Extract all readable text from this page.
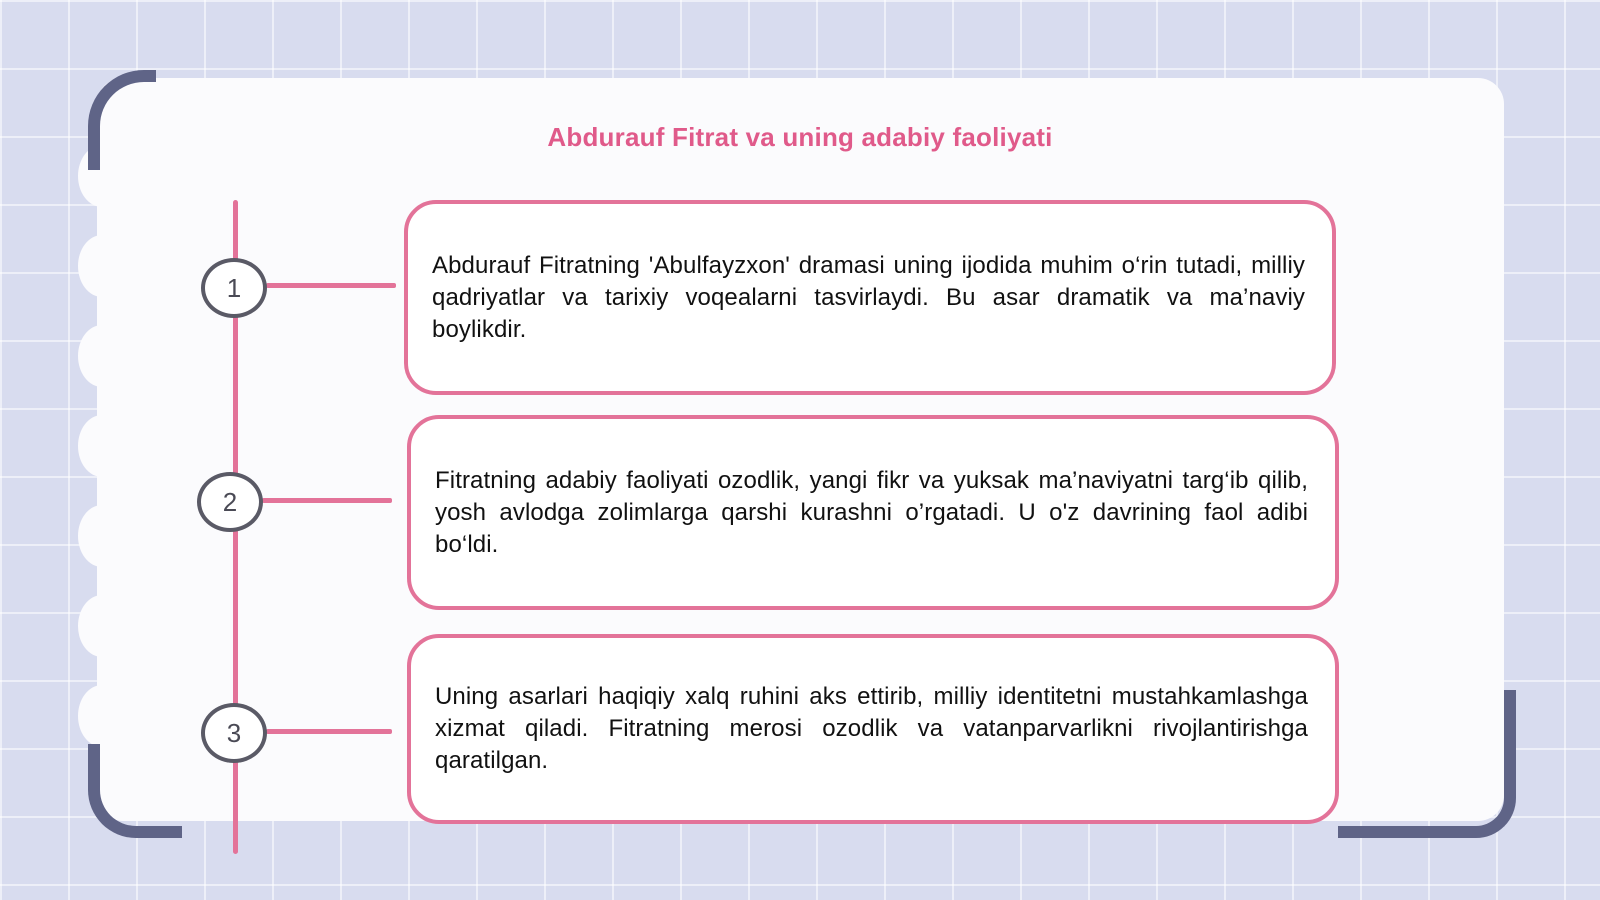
Abdurauf Fitrat va uning adabiy faoliyati
1
Abdurauf Fitratning 'Abulfayzxon' dramasi uning ijodida muhim o‘rin tutadi, milliy qadriyatlar va tarixiy voqealarni tasvirlaydi. Bu asar dramatik va ma’naviy boylikdir.
2
Fitratning adabiy faoliyati ozodlik, yangi fikr va yuksak ma’naviyatni targ‘ib qilib, yosh avlodga zolimlarga qarshi kurashni o’rgatadi. U o'z davrining faol adibi bo‘ldi.
3
Uning asarlari haqiqiy xalq ruhini aks ettirib, milliy identitetni mustahkamlashga xizmat qiladi. Fitratning merosi ozodlik va vatanparvarlikni rivojlantirishga qaratilgan.
